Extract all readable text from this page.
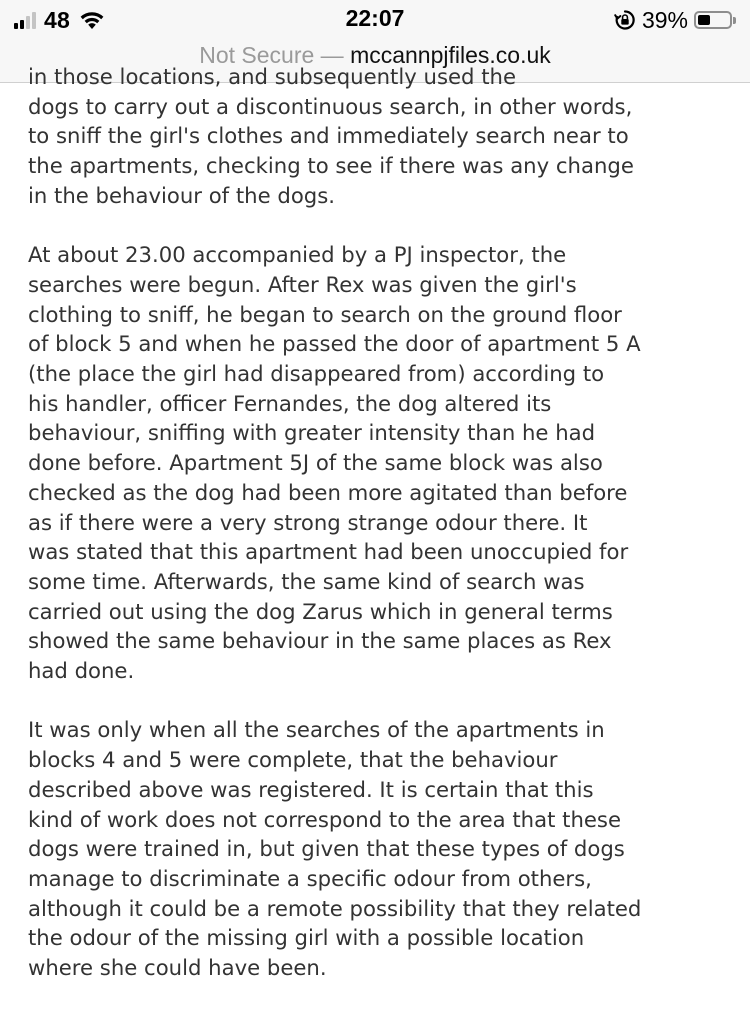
48	22:07	39%
Not Secure — mccannpjfiles.co.uk

in those locations, and subsequently used the
dogs to carry out a discontinuous search, in other words,
to sniff the girl's clothes and immediately search near to
the apartments, checking to see if there was any change
in the behaviour of the dogs.

At about 23.00 accompanied by a PJ inspector, the
searches were begun. After Rex was given the girl's
clothing to sniff, he began to search on the ground floor
of block 5 and when he passed the door of apartment 5 A
(the place the girl had disappeared from) according to
his handler, officer Fernandes, the dog altered its
behaviour, sniffing with greater intensity than he had
done before. Apartment 5J of the same block was also
checked as the dog had been more agitated than before
as if there were a very strong strange odour there. It
was stated that this apartment had been unoccupied for
some time. Afterwards, the same kind of search was
carried out using the dog Zarus which in general terms
showed the same behaviour in the same places as Rex
had done.

It was only when all the searches of the apartments in
blocks 4 and 5 were complete, that the behaviour
described above was registered. It is certain that this
kind of work does not correspond to the area that these
dogs were trained in, but given that these types of dogs
manage to discriminate a specific odour from others,
although it could be a remote possibility that they related
the odour of the missing girl with a possible location
where she could have been.
